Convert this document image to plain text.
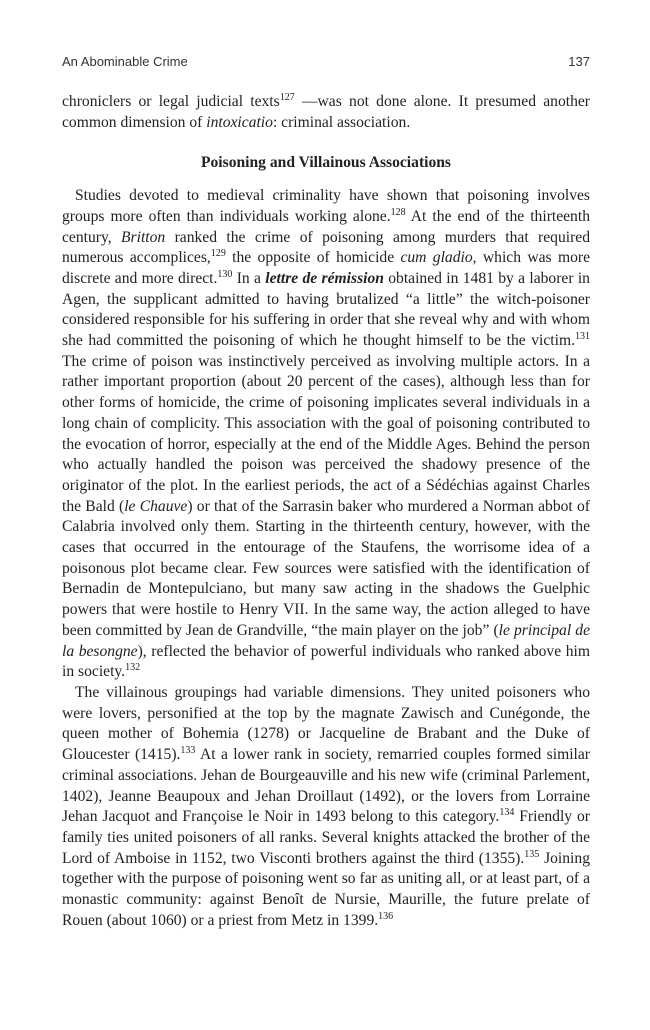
An Abominable Crime	137

chroniclers or legal judicial texts$^{127}$ —was not done alone. It presumed another common dimension of intoxicatio: criminal association.

Poisoning and Villainous Associations

Studies devoted to medieval criminality have shown that poisoning involves groups more often than individuals working alone.$^{128}$ At the end of the thirteenth century, Britton ranked the crime of poisoning among murders that required numerous accomplices,$^{129}$ the opposite of homicide cum gladio, which was more discrete and more direct.$^{130}$ In a lettre de rémission obtained in 1481 by a laborer in Agen, the supplicant admitted to having brutalized “a little” the witch-poisoner considered responsible for his suffering in order that she reveal why and with whom she had committed the poisoning of which he thought himself to be the victim.$^{131}$ The crime of poison was instinctively perceived as involving multiple actors. In a rather important proportion (about 20 percent of the cases), although less than for other forms of homicide, the crime of poisoning implicates several individuals in a long chain of complicity. This association with the goal of poisoning contributed to the evocation of horror, especially at the end of the Middle Ages. Behind the person who actually handled the poison was perceived the shadowy presence of the originator of the plot. In the earliest periods, the act of a Sédéchias against Charles the Bald (le Chauve) or that of the Sarrasin baker who murdered a Norman abbot of Calabria involved only them. Starting in the thirteenth century, however, with the cases that occurred in the entourage of the Staufens, the worrisome idea of a poisonous plot became clear. Few sources were satisfied with the identification of Bernadin de Montepulciano, but many saw acting in the shadows the Guelphic powers that were hostile to Henry VII. In the same way, the action alleged to have been committed by Jean de Grandville, “the main player on the job” (le principal de la besongne), reflected the behavior of powerful individuals who ranked above him in society.$^{132}$

The villainous groupings had variable dimensions. They united poisoners who were lovers, personified at the top by the magnate Zawisch and Cunégonde, the queen mother of Bohemia (1278) or Jacqueline de Brabant and the Duke of Gloucester (1415).$^{133}$ At a lower rank in society, remarried couples formed similar criminal associations. Jehan de Bourgeauville and his new wife (criminal Parlement, 1402), Jeanne Beaupoux and Jehan Droillaut (1492), or the lovers from Lorraine Jehan Jacquot and Françoise le Noir in 1493 belong to this category.$^{134}$ Friendly or family ties united poisoners of all ranks. Several knights attacked the brother of the Lord of Amboise in 1152, two Visconti brothers against the third (1355).$^{135}$ Joining together with the purpose of poisoning went so far as uniting all, or at least part, of a monastic community: against Benoît de Nursie, Maurille, the future prelate of Rouen (about 1060) or a priest from Metz in 1399.$^{136}$
